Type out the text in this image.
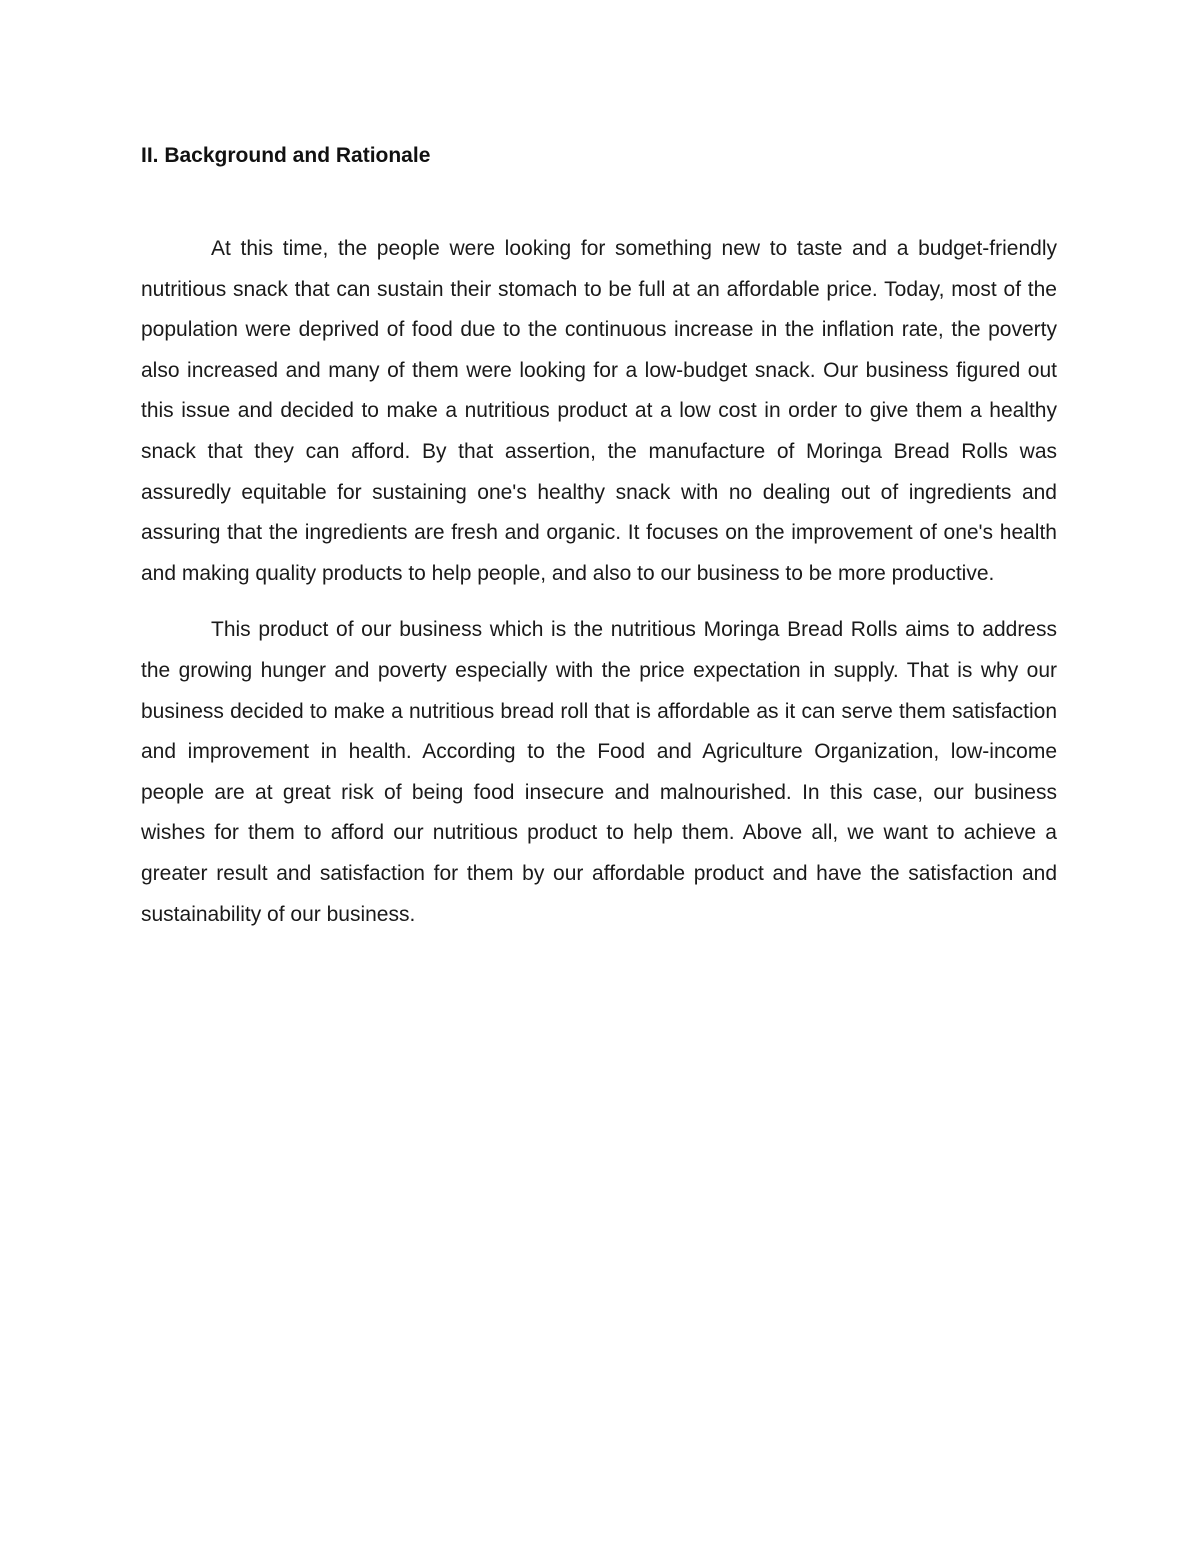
II. Background and Rationale

At this time, the people were looking for something new to taste and a budget-friendly nutritious snack that can sustain their stomach to be full at an affordable price. Today, most of the population were deprived of food due to the continuous increase in the inflation rate, the poverty also increased and many of them were looking for a low-budget snack. Our business figured out this issue and decided to make a nutritious product at a low cost in order to give them a healthy snack that they can afford. By that assertion, the manufacture of Moringa Bread Rolls was assuredly equitable for sustaining one's healthy snack with no dealing out of ingredients and assuring that the ingredients are fresh and organic. It focuses on the improvement of one's health and making quality products to help people, and also to our business to be more productive.

This product of our business which is the nutritious Moringa Bread Rolls aims to address the growing hunger and poverty especially with the price expectation in supply. That is why our business decided to make a nutritious bread roll that is affordable as it can serve them satisfaction and improvement in health. According to the Food and Agriculture Organization, low-income people are at great risk of being food insecure and malnourished. In this case, our business wishes for them to afford our nutritious product to help them. Above all, we want to achieve a greater result and satisfaction for them by our affordable product and have the satisfaction and sustainability of our business.
